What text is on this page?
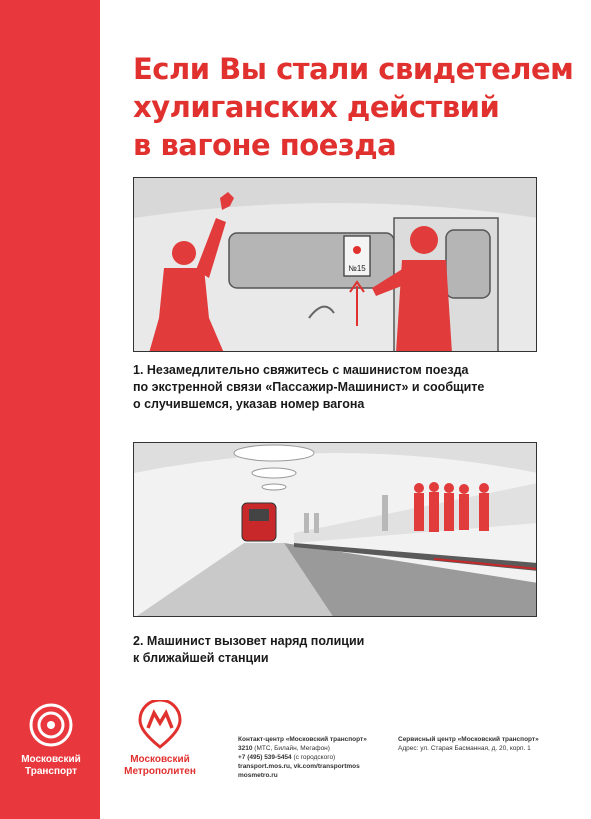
Если Вы стали свидетелем
хулиганских действий
в вагоне поезда
№15
1. Незамедлительно свяжитесь с машинистом поезда
по экстренной связи «Пассажир-Машинист» и сообщите
о случившемся, указав номер вагона
2. Машинист вызовет наряд полиции
к ближайшей станции
Московский
Транспорт
Московский
Метрополитен
Контакт-центр «Московский транспорт»
3210 (МТС, Билайн, Мегафон)
+7 (495) 539-5454 (с городского)
transport.mos.ru, vk.com/transportmos
mosmetro.ru
Сервисный центр «Московский транспорт»
Адрес: ул. Старая Басманная, д. 20, корп. 1
